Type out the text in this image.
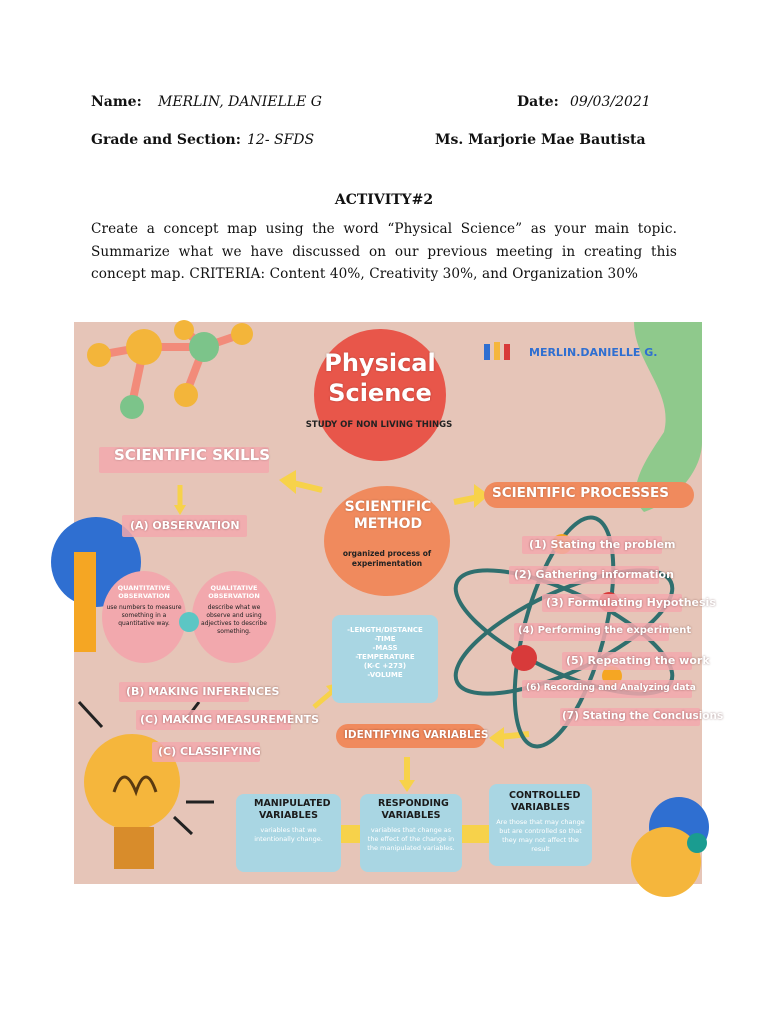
Name: MERLIN, DANIELLE G	Date: 09/03/2021
Grade and Section: 12- SFDS	Ms. Marjorie Mae Bautista
ACTIVITY#2
Create a concept map using the word “Physical Science” as your main topic. Summarize what we have discussed on our previous meeting in creating this concept map. CRITERIA: Content 40%, Creativity 30%, and Organization 30%
Physical
Science
STUDY OF NON LIVING THINGS
MERLIN.DANIELLE G.
SCIENTIFIC SKILLS
SCIENTIFIC
METHOD
organized process of experimentation
SCIENTIFIC PROCESSES
(A) OBSERVATION
QUANTITATIVE OBSERVATION
use numbers to measure something in a quantitative way.
QUALITATIVE OBSERVATION
describe what we observe and using adjectives to describe something.	-LENGTH/DISTANCE
-TIME
-MASS
-TEMPERATURE
(K-C +273)
-VOLUME
(B) MAKING INFERENCES
(C) MAKING MEASUREMENTS
(C) CLASSIFYING
(1) Stating the problem
(2) Gathering information
(3) Formulating Hypothesis
(4) Performing the experiment
(5) Repeating the work
(6) Recording and Analyzing data
(7) Stating the Conclusions
IDENTIFYING VARIABLES
MANIPULATED VARIABLES
variables that we intentionally change.
RESPONDING VARIABLES
variables that change as the effect of the change in the manipulated variables.
CONTROLLED VARIABLES
Are those that may change but are controlled so that they may not affect the result
